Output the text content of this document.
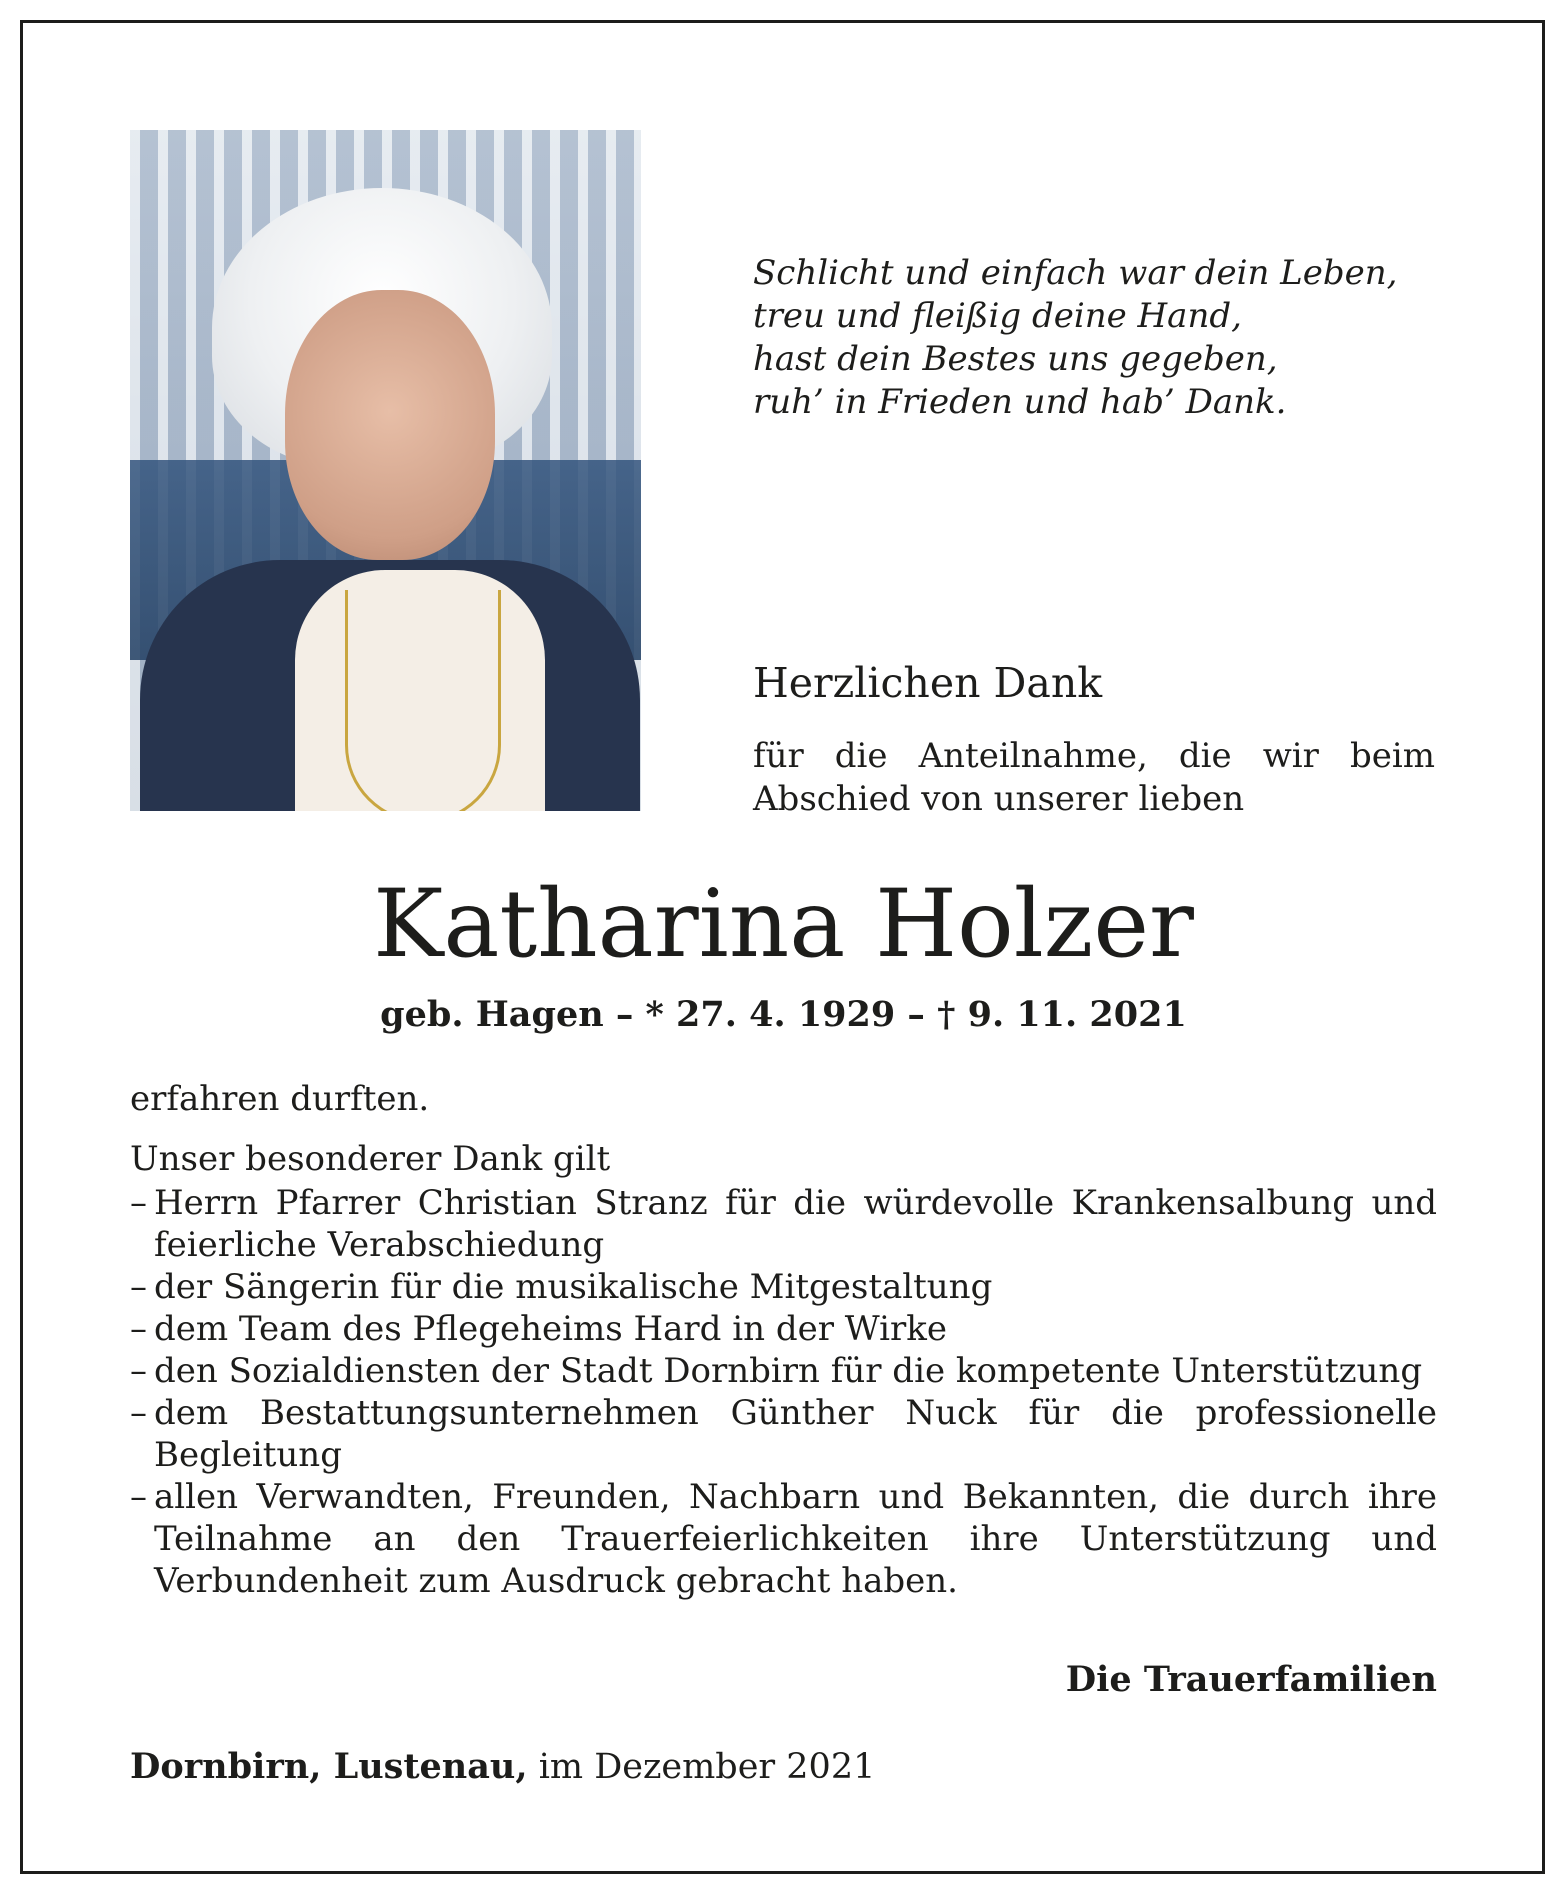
Schlicht und einfach war dein Leben,
treu und fleißig deine Hand,
hast dein Bestes uns gegeben,
ruh’ in Frieden und hab’ Dank.
Herzlichen Dank
für die Anteilnahme, die wir beim
Abschied von unserer lieben
Katharina Holzer
geb. Hagen – * 27. 4. 1929 – † 9. 11. 2021

erfahren durften.

Unser besonderer Dank gilt

– Herrn Pfarrer Christian Stranz für die würdevolle Krankensalbung und feierliche Verabschiedung
– der Sängerin für die musikalische Mitgestaltung
– dem Team des Pflegeheims Hard in der Wirke
– den Sozialdiensten der Stadt Dornbirn für die kompetente Unterstützung
– dem Bestattungsunternehmen Günther Nuck für die professionelle Begleitung
– allen Verwandten, Freunden, Nachbarn und Bekannten, die durch ihre Teilnahme an den Trauerfeierlichkeiten ihre Unterstützung und Verbundenheit zum Ausdruck gebracht haben.
Die Trauerfamilien
Dornbirn, Lustenau, im Dezember 2021
